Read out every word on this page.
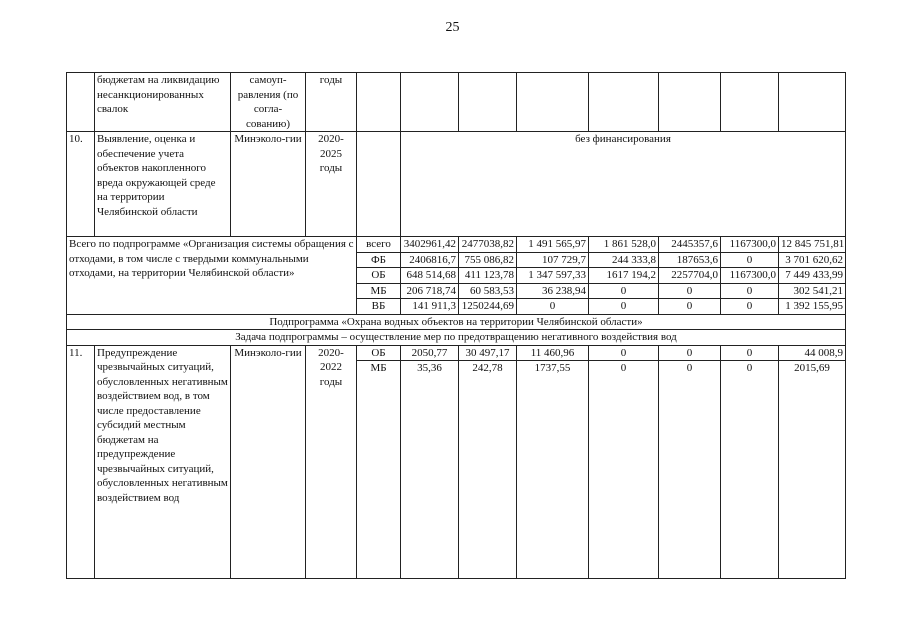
25
	бюджетам на ликвидацию несанкционированных свалок	самоуп-равления (по согла-сованию)	годы								
10.	Выявление, оценка и обеспечение учета объектов накопленного вреда окружающей среде на территории Челябинской области	Минэколо-гии	2020-2025 годы		без финансирования						
Всего по подпрограмме «Организация системы обращения с отходами, в том числе с твердыми коммунальными отходами, на территории Челябинской области»				всего	3402961,42	2477038,82	1 491 565,97	1 861 528,0	2445357,6	1167300,0	12 845 751,81
				ФБ	2406816,7	755 086,82	107 729,7	244 333,8	187653,6	0	3 701 620,62
				ОБ	648 514,68	411 123,78	1 347 597,33	1617 194,2	2257704,0	1167300,0	7 449 433,99
				МБ	206 718,74	60 583,53	36 238,94	0	0	0	302 541,21
				ВБ	141 911,3	1250244,69	0	0	0	0	1 392 155,95
Подпрограмма «Охрана водных объектов на территории Челябинской области»											
Задача подпрограммы – осуществление мер по предотвращению негативного воздействия вод											
11.	Предупреждение чрезвычайных ситуаций, обусловленных негативным воздействием вод, в том числе предоставление субсидий местным бюджетам на предупреждение чрезвычайных ситуаций, обусловленных негативным воздействием вод	Минэколо-гии	2020-2022 годы	ОБ	2050,77	30 497,17	11 460,96	0	0	0	44 008,9
				МБ	35,36	242,78	1737,55	0	0	0	2015,69
